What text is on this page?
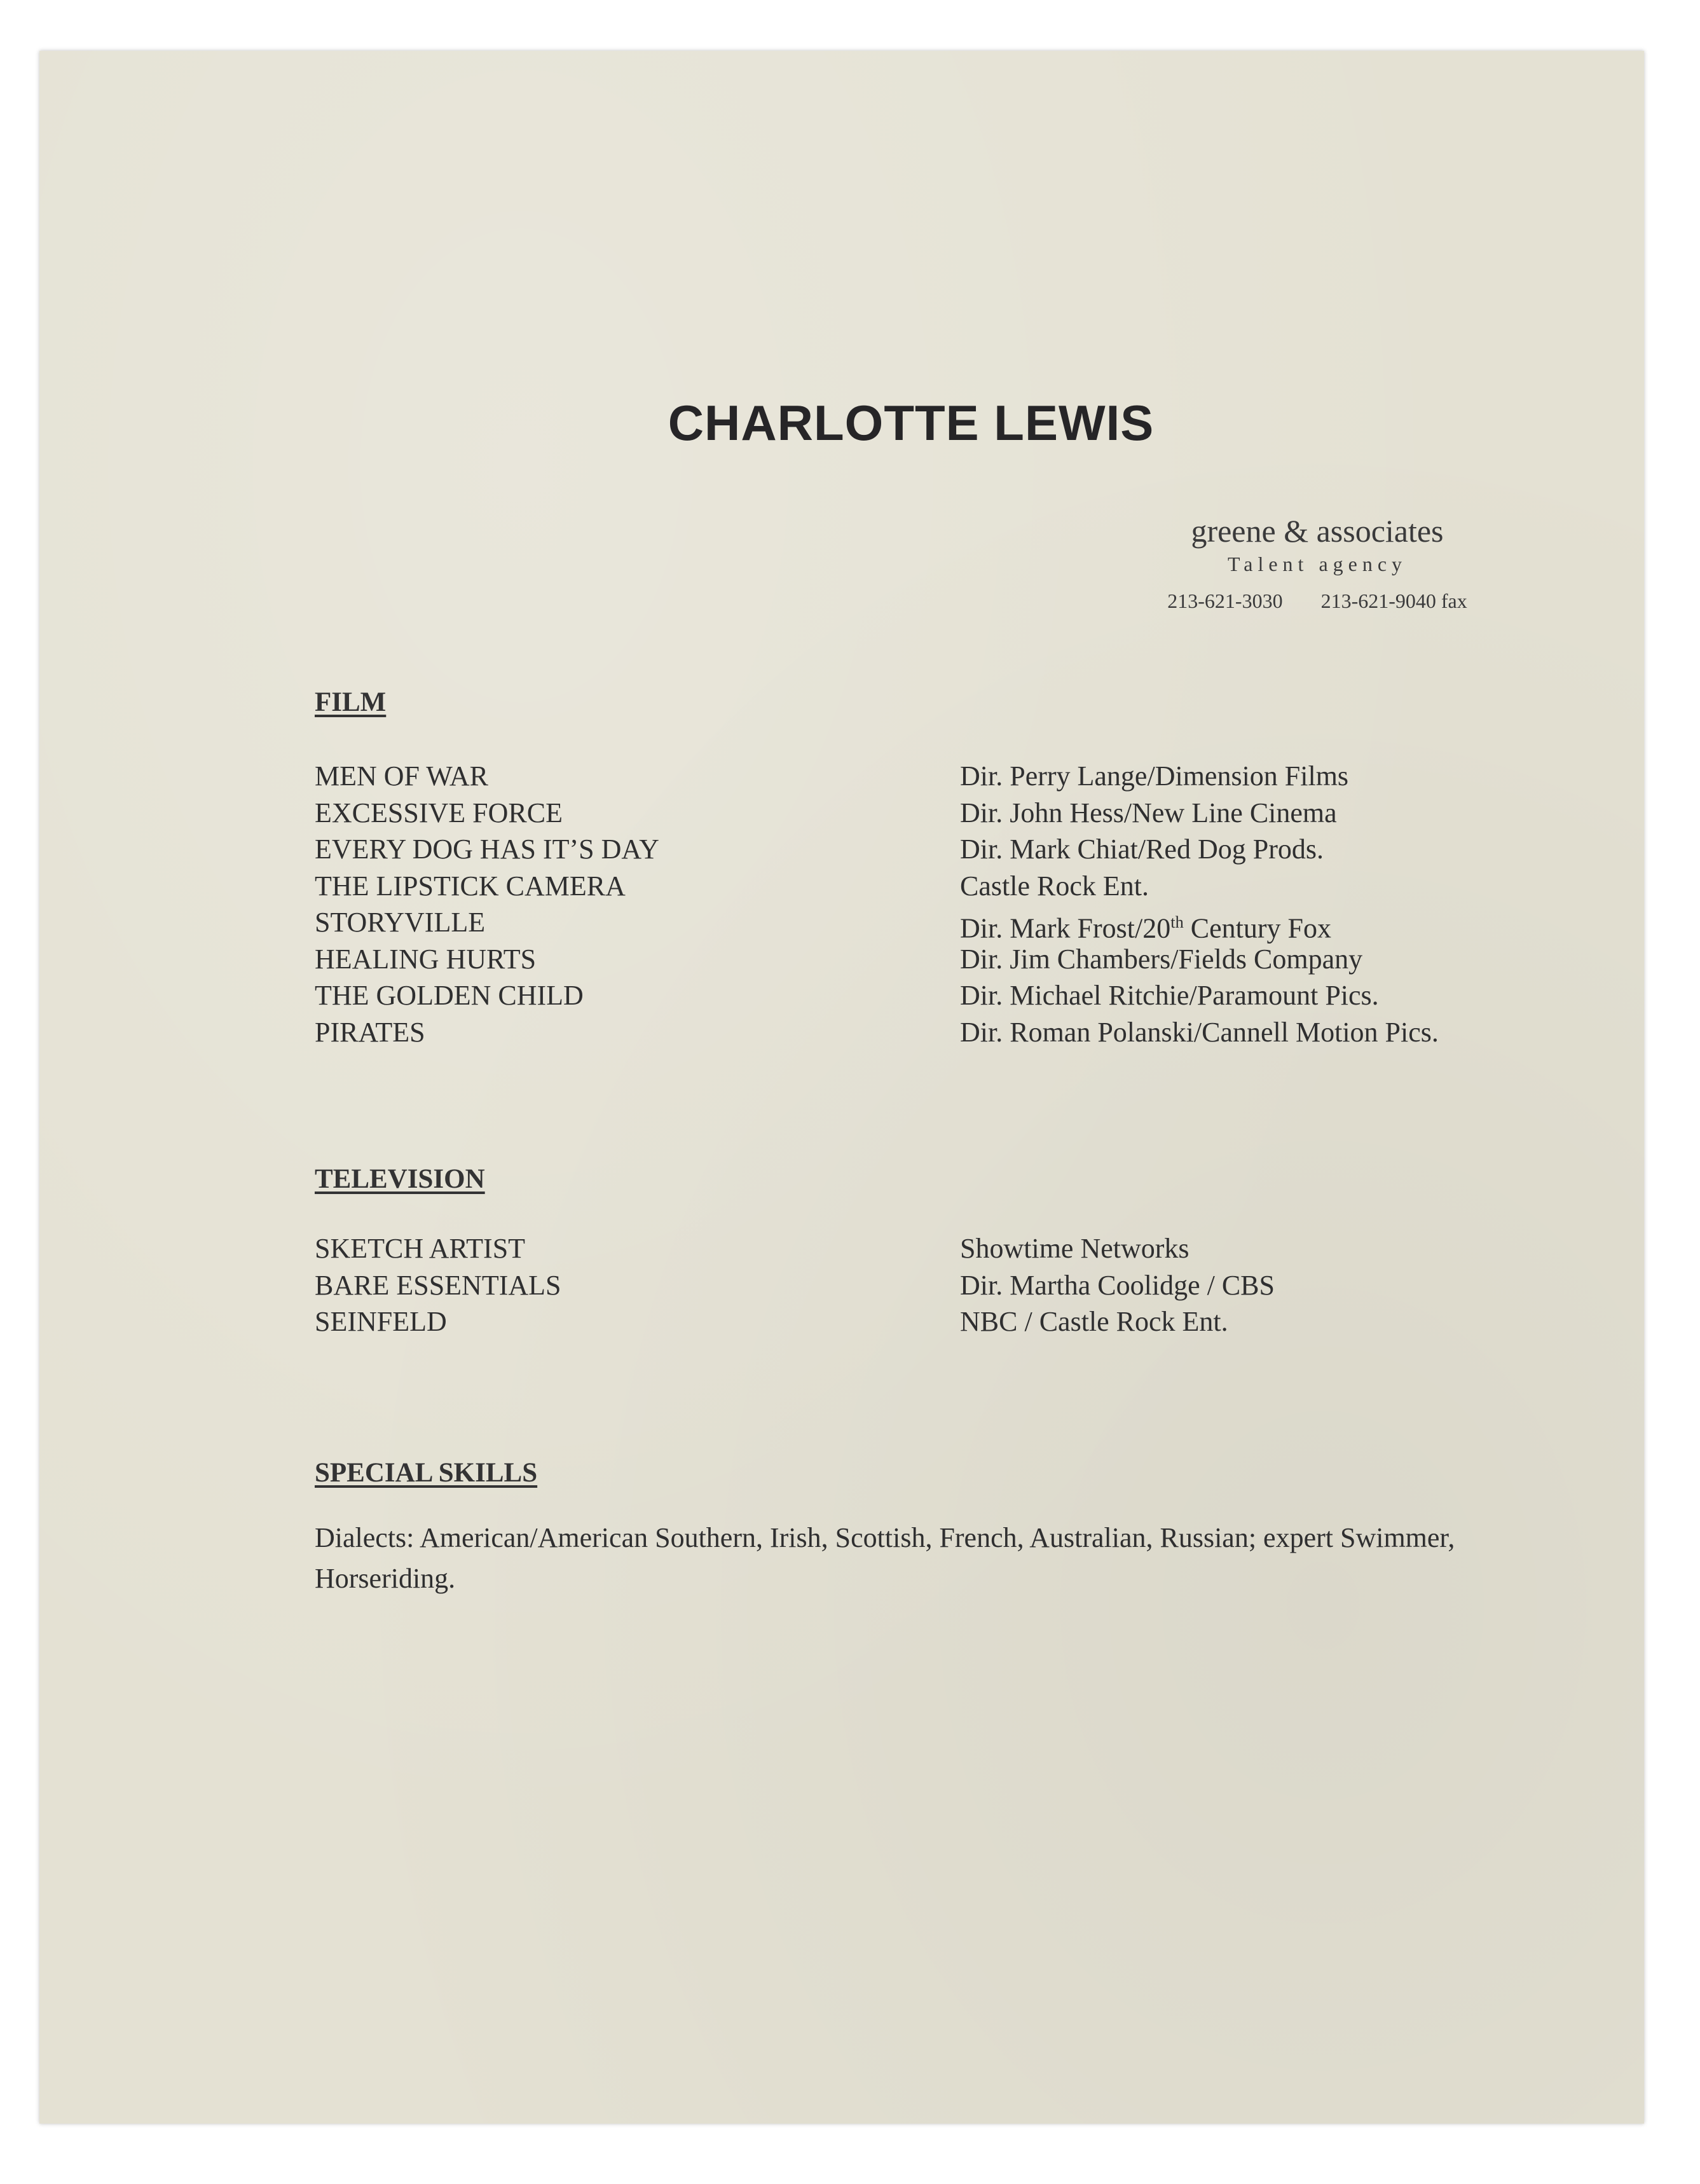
CHARLOTTE LEWIS
greene & associates
Talent agency
213-621-3030 213-621-9040 fax
FILM
MEN OF WAR	Dir. Perry Lange/Dimension Films
EXCESSIVE FORCE	Dir. John Hess/New Line Cinema
EVERY DOG HAS IT’S DAY	Dir. Mark Chiat/Red Dog Prods.
THE LIPSTICK CAMERA	Castle Rock Ent.
STORYVILLE	Dir. Mark Frost/20th Century Fox
HEALING HURTS	Dir. Jim Chambers/Fields Company
THE GOLDEN CHILD	Dir. Michael Ritchie/Paramount Pics.
PIRATES	Dir. Roman Polanski/Cannell Motion Pics.
TELEVISION
SKETCH ARTIST	Showtime Networks
BARE ESSENTIALS	Dir. Martha Coolidge / CBS
SEINFELD	NBC / Castle Rock Ent.
SPECIAL SKILLS
Dialects: American/American Southern, Irish, Scottish, French, Australian, Russian; expert Swimmer, Horseriding.
